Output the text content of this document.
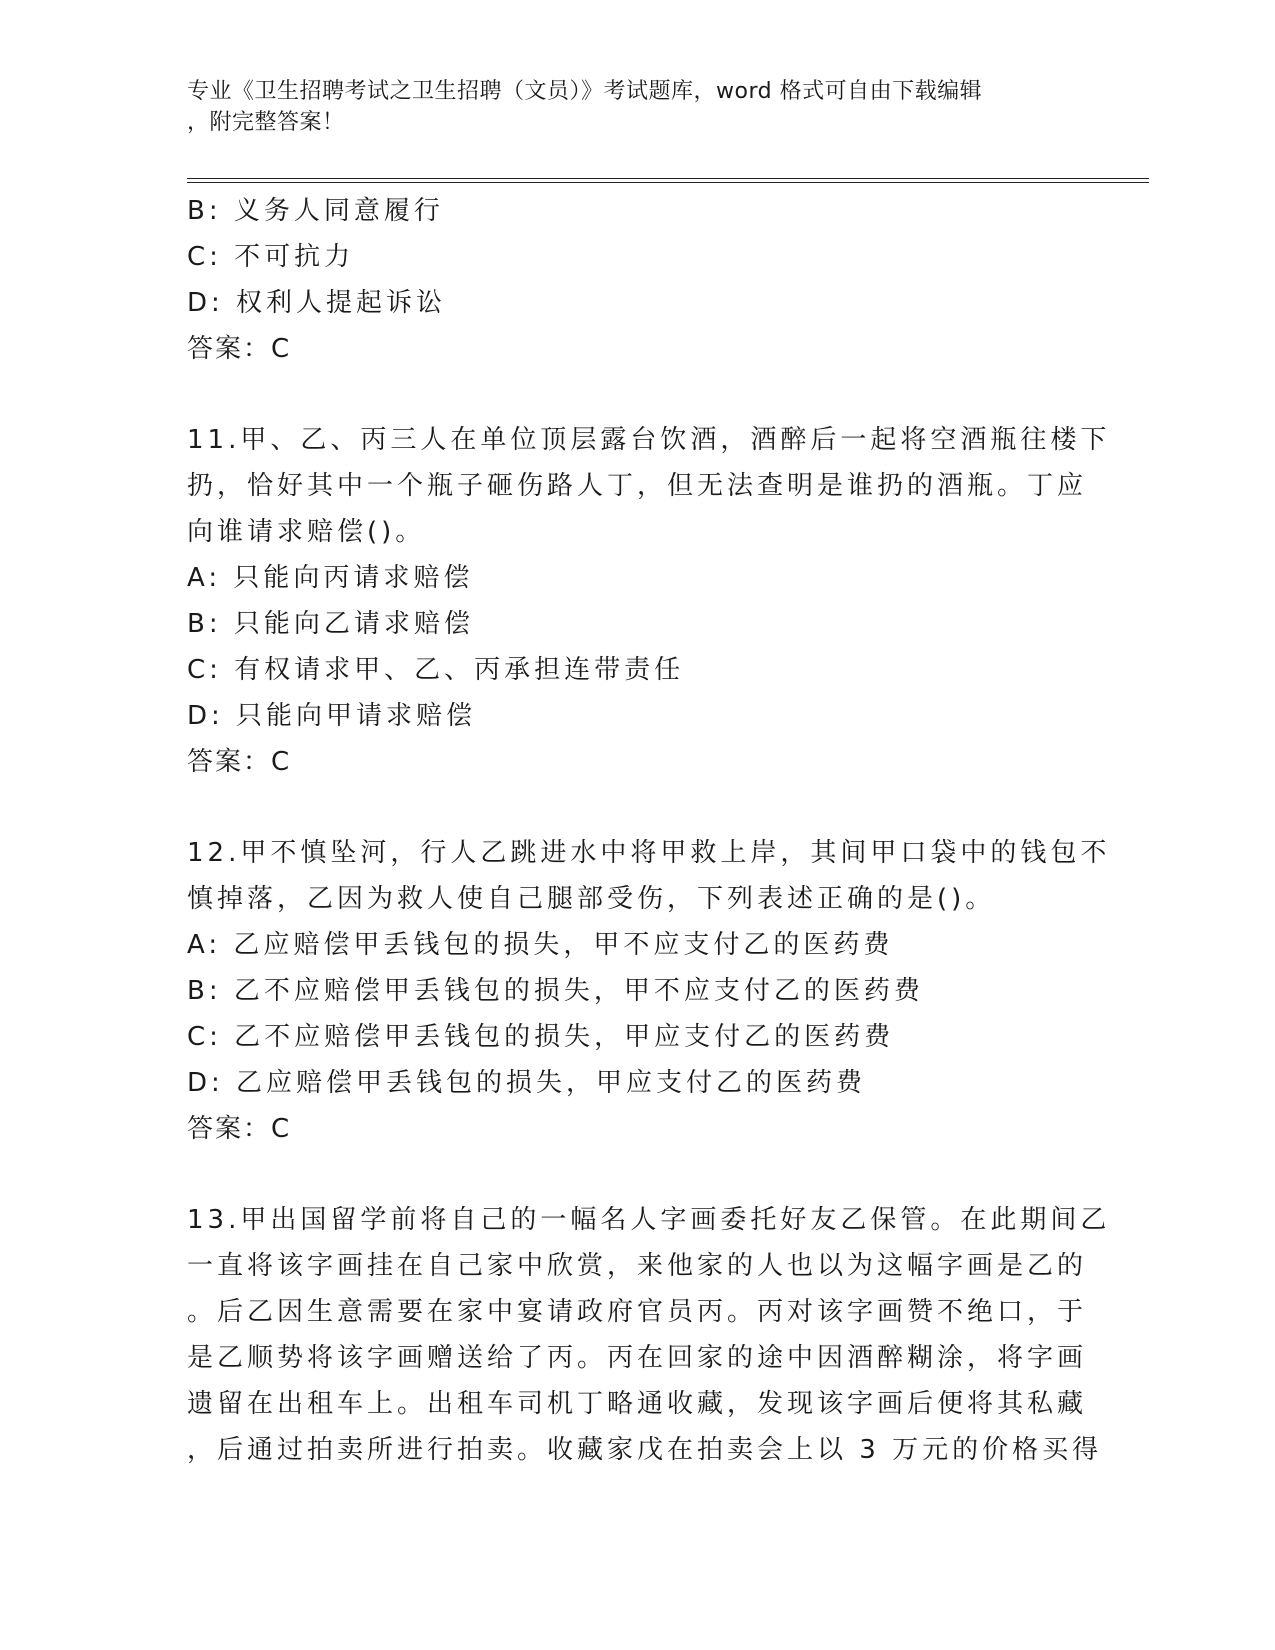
专业《卫生招聘考试之卫生招聘（文员）》考试题库，word 格式可自由下载编辑
，附完整答案！

B: 义务人同意履行

C: 不可抗力

D: 权利人提起诉讼

答案：C

11.甲、乙、丙三人在单位顶层露台饮酒，酒醉后一起将空酒瓶往楼下

扔，恰好其中一个瓶子砸伤路人丁，但无法查明是谁扔的酒瓶。丁应

向谁请求赔偿()。

A: 只能向丙请求赔偿

B: 只能向乙请求赔偿

C: 有权请求甲、乙、丙承担连带责任

D: 只能向甲请求赔偿

答案：C

12.甲不慎坠河，行人乙跳进水中将甲救上岸，其间甲口袋中的钱包不

慎掉落，乙因为救人使自己腿部受伤，下列表述正确的是()。

A: 乙应赔偿甲丢钱包的损失，甲不应支付乙的医药费

B: 乙不应赔偿甲丢钱包的损失，甲不应支付乙的医药费

C: 乙不应赔偿甲丢钱包的损失，甲应支付乙的医药费

D: 乙应赔偿甲丢钱包的损失，甲应支付乙的医药费

答案：C

13.甲出国留学前将自己的一幅名人字画委托好友乙保管。在此期间乙

一直将该字画挂在自己家中欣赏，来他家的人也以为这幅字画是乙的

。后乙因生意需要在家中宴请政府官员丙。丙对该字画赞不绝口，于

是乙顺势将该字画赠送给了丙。丙在回家的途中因酒醉糊涂，将字画

遗留在出租车上。出租车司机丁略通收藏，发现该字画后便将其私藏

，后通过拍卖所进行拍卖。收藏家戊在拍卖会上以 3 万元的价格买得
